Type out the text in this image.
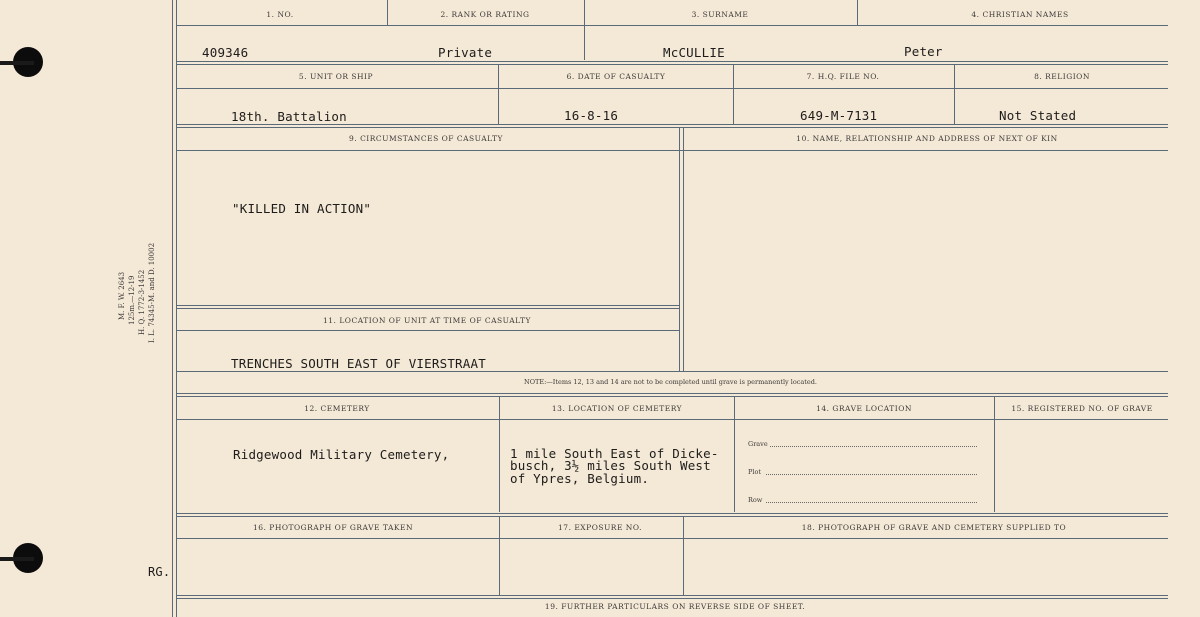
M. F. W. 2643 125m.—12-19 H. Q. 1772-3-1452 I. L. 74345-M. and D. 10002
RG.
1. NO.	2. RANK OR RATING	3. SURNAME	4. CHRISTIAN NAMES
409346	Private	McCULLIE	Peter
5. UNIT OR SHIP	6. DATE OF CASUALTY	7. H.Q. FILE NO.	8. RELIGION
18th. Battalion	16-8-16	649-M-7131	Not Stated
9. CIRCUMSTANCES OF CASUALTY	10. NAME, RELATIONSHIP AND ADDRESS OF NEXT OF KIN
"KILLED IN ACTION"
11. LOCATION OF UNIT AT TIME OF CASUALTY
TRENCHES SOUTH EAST OF VIERSTRAAT
NOTE:—Items 12, 13 and 14 are not to be completed until grave is permanently located.
12. CEMETERY	13. LOCATION OF CEMETERY	14. GRAVE LOCATION	15. REGISTERED NO. OF GRAVE
Ridgewood Military Cemetery,	1 mile South East of Dicke-
busch, 3½ miles South West
of Ypres, Belgium.
Grave
Plot
Row
16. PHOTOGRAPH OF GRAVE TAKEN	17. EXPOSURE NO.	18. PHOTOGRAPH OF GRAVE AND CEMETERY SUPPLIED TO
19. FURTHER PARTICULARS ON REVERSE SIDE OF SHEET.
